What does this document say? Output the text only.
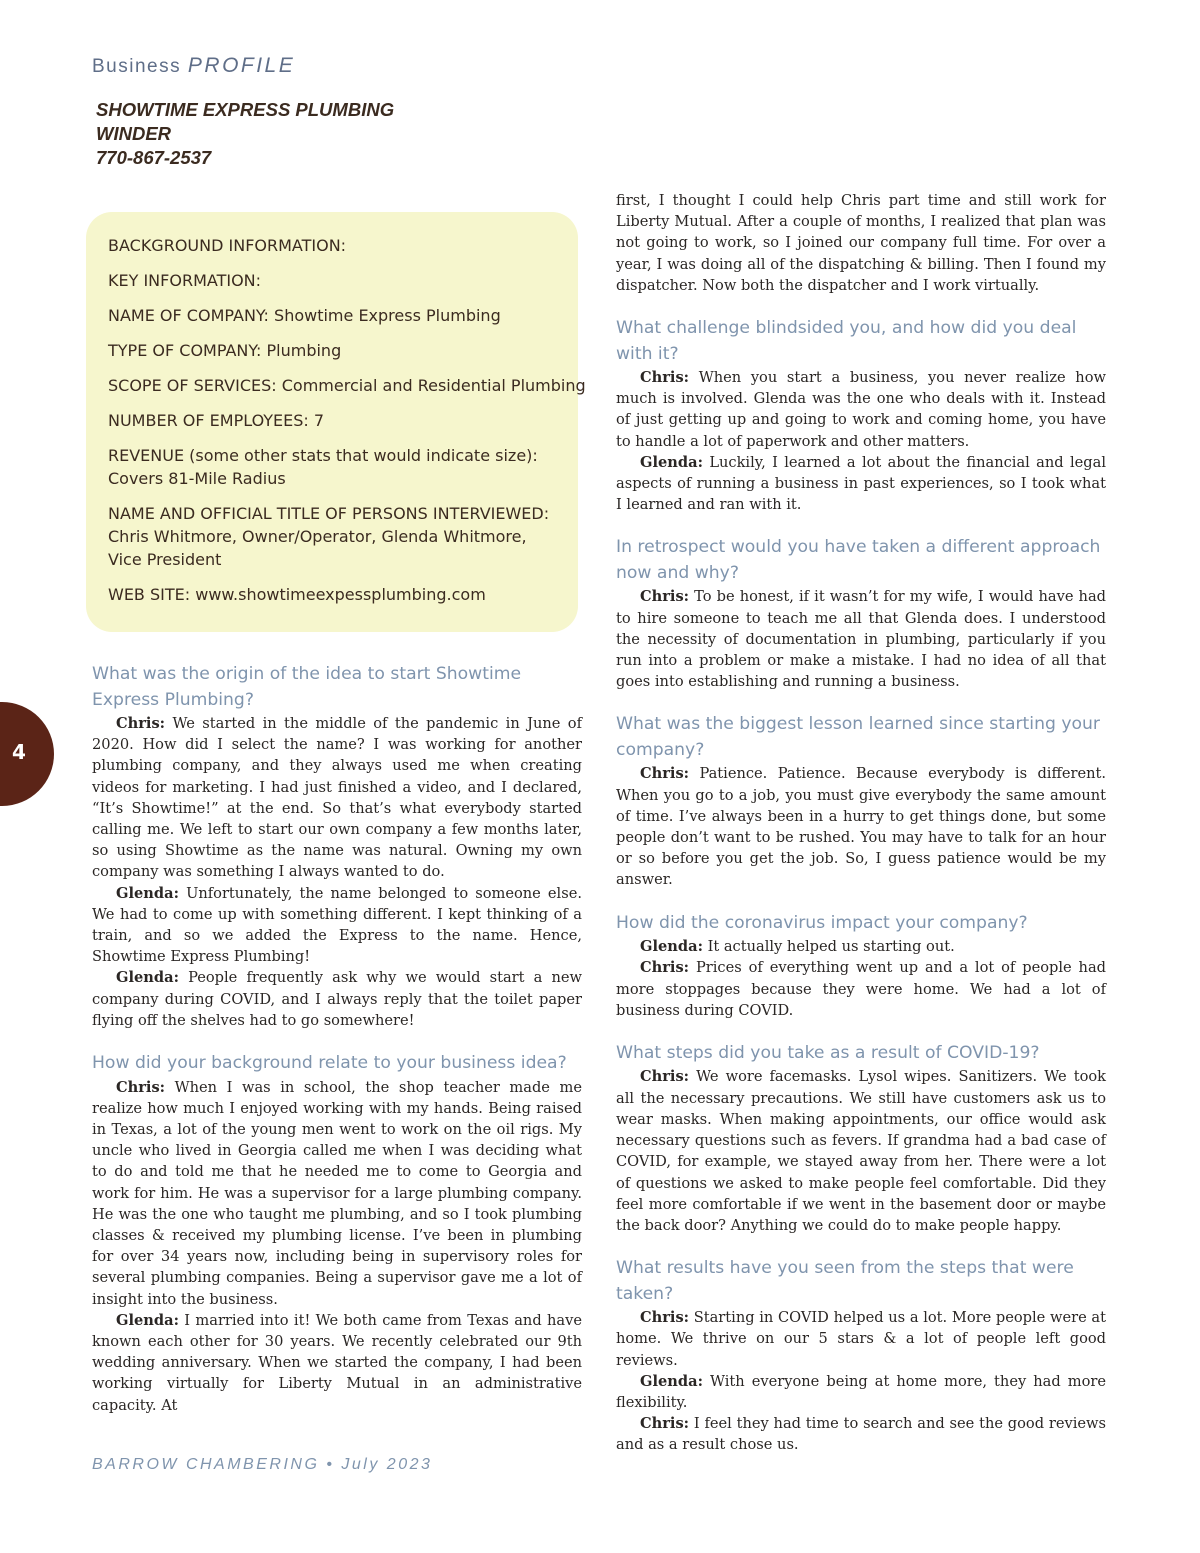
Business PROFILE
SHOWTIME EXPRESS PLUMBING
WINDER
770-867-2537

BACKGROUND INFORMATION:

KEY INFORMATION:

NAME OF COMPANY: Showtime Express Plumbing

TYPE OF COMPANY: Plumbing

SCOPE OF SERVICES: Commercial and Residential Plumbing

NUMBER OF EMPLOYEES: 7

REVENUE (some other stats that would indicate size):
Covers 81-Mile Radius

NAME AND OFFICIAL TITLE OF PERSONS INTERVIEWED:
Chris Whitmore, Owner/Operator, Glenda Whitmore,
Vice President

WEB SITE: www.showtimeexpessplumbing.com

4
What was the origin of the idea to start Showtime Express Plumbing?

Chris: We started in the middle of the pandemic in June of 2020. How did I select the name? I was working for another plumbing company, and they always used me when creating videos for marketing. I had just finished a video, and I declared, “It’s Showtime!” at the end. So that’s what everybody started calling me. We left to start our own company a few months later, so using Showtime as the name was natural. Owning my own company was something I always wanted to do.

Glenda: Unfortunately, the name belonged to someone else. We had to come up with something different. I kept thinking of a train, and so we added the Express to the name. Hence, Showtime Express Plumbing!

Glenda: People frequently ask why we would start a new company during COVID, and I always reply that the toilet paper flying off the shelves had to go somewhere!

How did your background relate to your business idea?

Chris: When I was in school, the shop teacher made me realize how much I enjoyed working with my hands. Being raised in Texas, a lot of the young men went to work on the oil rigs. My uncle who lived in Georgia called me when I was deciding what to do and told me that he needed me to come to Georgia and work for him. He was a supervisor for a large plumbing company. He was the one who taught me plumbing, and so I took plumbing classes & received my plumbing license. I’ve been in plumbing for over 34 years now, including being in supervisory roles for several plumbing companies. Being a supervisor gave me a lot of insight into the business.

Glenda: I married into it! We both came from Texas and have known each other for 30 years. We recently celebrated our 9th wedding anniversary. When we started the company, I had been working virtually for Liberty Mutual in an administrative capacity. At

first, I thought I could help Chris part time and still work for Liberty Mutual. After a couple of months, I realized that plan was not going to work, so I joined our company full time. For over a year, I was doing all of the dispatching & billing. Then I found my dispatcher. Now both the dispatcher and I work virtually.

What challenge blindsided you, and how did you deal with it?

Chris: When you start a business, you never realize how much is involved. Glenda was the one who deals with it. Instead of just getting up and going to work and coming home, you have to handle a lot of paperwork and other matters.

Glenda: Luckily, I learned a lot about the financial and legal aspects of running a business in past experiences, so I took what I learned and ran with it.

In retrospect would you have taken a different approach now and why?

Chris: To be honest, if it wasn’t for my wife, I would have had to hire someone to teach me all that Glenda does. I understood the necessity of documentation in plumbing, particularly if you run into a problem or make a mistake. I had no idea of all that goes into establishing and running a business.

What was the biggest lesson learned since starting your company?

Chris: Patience. Patience. Because everybody is different. When you go to a job, you must give everybody the same amount of time. I’ve always been in a hurry to get things done, but some people don’t want to be rushed. You may have to talk for an hour or so before you get the job. So, I guess patience would be my answer.

How did the coronavirus impact your company?

Glenda: It actually helped us starting out.

Chris: Prices of everything went up and a lot of people had more stoppages because they were home. We had a lot of business during COVID.

What steps did you take as a result of COVID-19?

Chris: We wore facemasks. Lysol wipes. Sanitizers. We took all the necessary precautions. We still have customers ask us to wear masks. When making appointments, our office would ask necessary questions such as fevers. If grandma had a bad case of COVID, for example, we stayed away from her. There were a lot of questions we asked to make people feel comfortable. Did they feel more comfortable if we went in the basement door or maybe the back door? Anything we could do to make people happy.

What results have you seen from the steps that were taken?

Chris: Starting in COVID helped us a lot. More people were at home. We thrive on our 5 stars & a lot of people left good reviews.

Glenda: With everyone being at home more, they had more flexibility.

Chris: I feel they had time to search and see the good reviews and as a result chose us.

BARROW CHAMBERING • July 2023
